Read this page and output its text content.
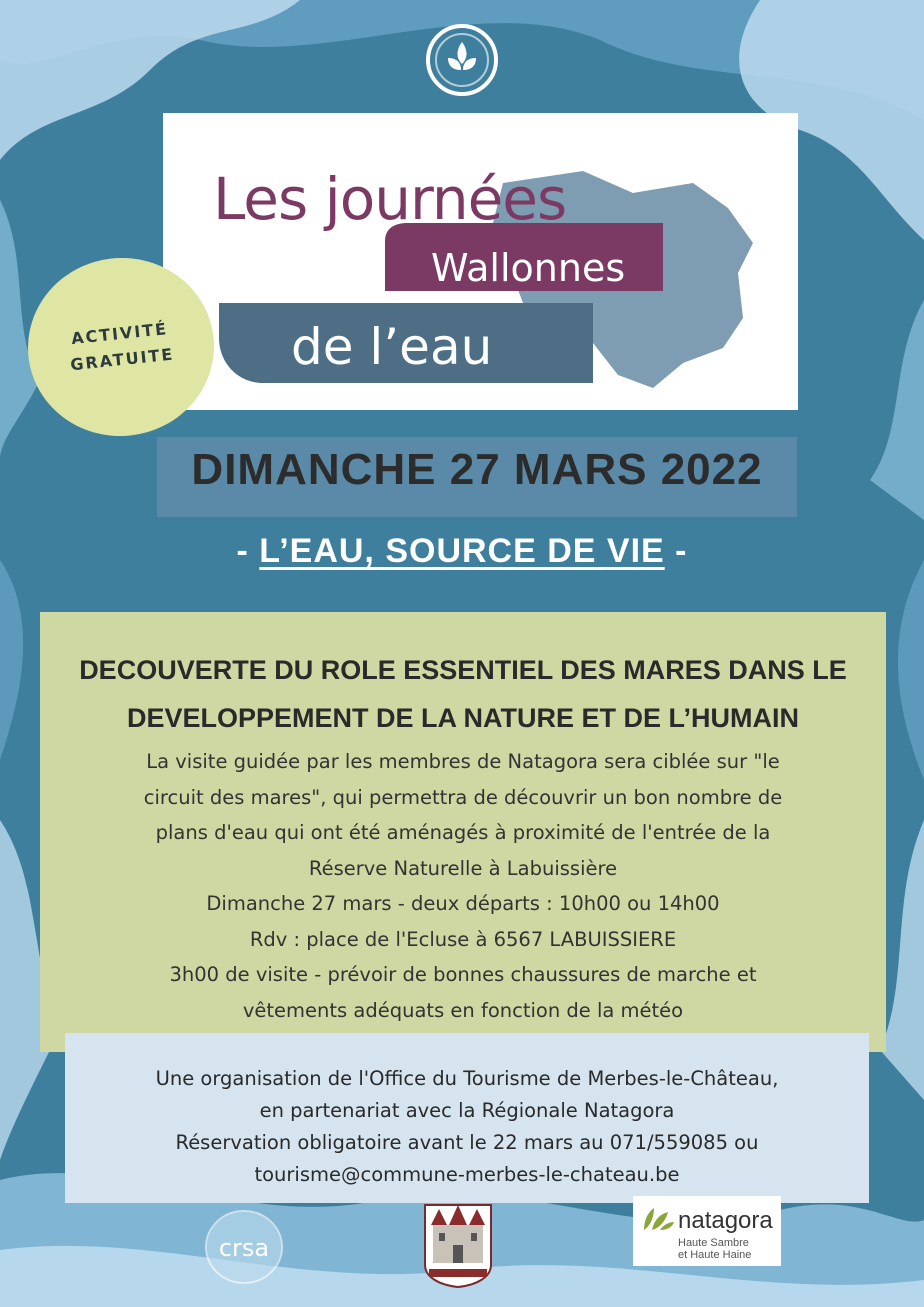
Les journées
Wallonnes
de l’eau
ACTIVITÉ
GRATUITE
DIMANCHE 27 MARS 2022
- L’EAU, SOURCE DE VIE -
DECOUVERTE DU ROLE ESSENTIEL DES MARES DANS LE
DEVELOPPEMENT DE LA NATURE ET DE L’HUMAIN
La visite guidée par les membres de Natagora sera ciblée sur "le
circuit des mares", qui permettra de découvrir un bon nombre de
plans d'eau qui ont été aménagés à proximité de l'entrée de la
Réserve Naturelle à Labuissière
Dimanche 27 mars - deux départs : 10h00 ou 14h00
Rdv : place de l'Ecluse à 6567 LABUISSIERE
3h00 de visite - prévoir de bonnes chaussures de marche et
vêtements adéquats en fonction de la météo
Une organisation de l'Office du Tourisme de Merbes-le-Château,
en partenariat avec la Régionale Natagora
Réservation obligatoire avant le 22 mars au 071/559085 ou
tourisme@commune-merbes-le-chateau.be
crsa
natagora
Haute Sambre
et Haute Haine
